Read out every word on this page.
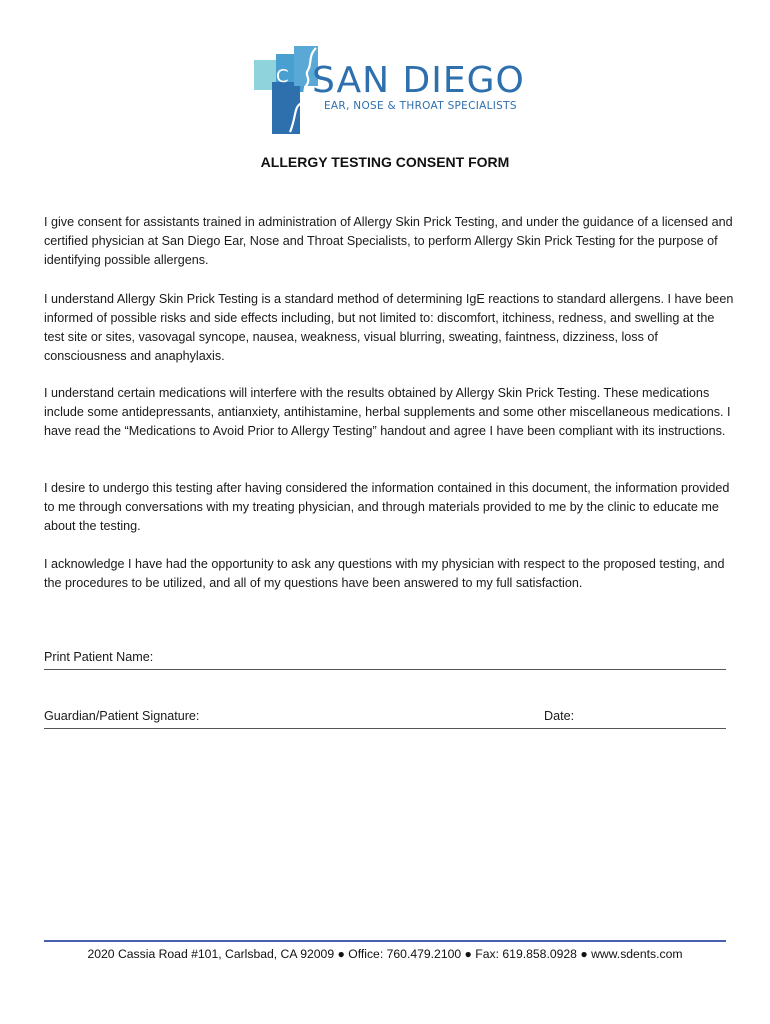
C SAN DIEGO
EAR, NOSE & THROAT SPECIALISTS
ALLERGY TESTING CONSENT FORM

I give consent for assistants trained in administration of Allergy Skin Prick Testing, and under the guidance of a licensed and certified physician at San Diego Ear, Nose and Throat Specialists, to perform Allergy Skin Prick Testing for the purpose of identifying possible allergens.

I understand Allergy Skin Prick Testing is a standard method of determining IgE reactions to standard allergens. I have been informed of possible risks and side effects including, but not limited to: discomfort, itchiness, redness, and swelling at the test site or sites, vasovagal syncope, nausea, weakness, visual blurring, sweating, faintness, dizziness, loss of consciousness and anaphylaxis.

I understand certain medications will interfere with the results obtained by Allergy Skin Prick Testing. These medications include some antidepressants, antianxiety, antihistamine, herbal supplements and some other miscellaneous medications. I have read the “Medications to Avoid Prior to Allergy Testing” handout and agree I have been compliant with its instructions.

I desire to undergo this testing after having considered the information contained in this document, the information provided to me through conversations with my treating physician, and through materials provided to me by the clinic to educate me about the testing.

I acknowledge I have had the opportunity to ask any questions with my physician with respect to the proposed testing, and the procedures to be utilized, and all of my questions have been answered to my full satisfaction.

Print Patient Name:
Guardian/Patient Signature:	Date:
2020 Cassia Road #101, Carlsbad, CA 92009 ● Office: 760.479.2100 ● Fax: 619.858.0928 ● www.sdents.com
